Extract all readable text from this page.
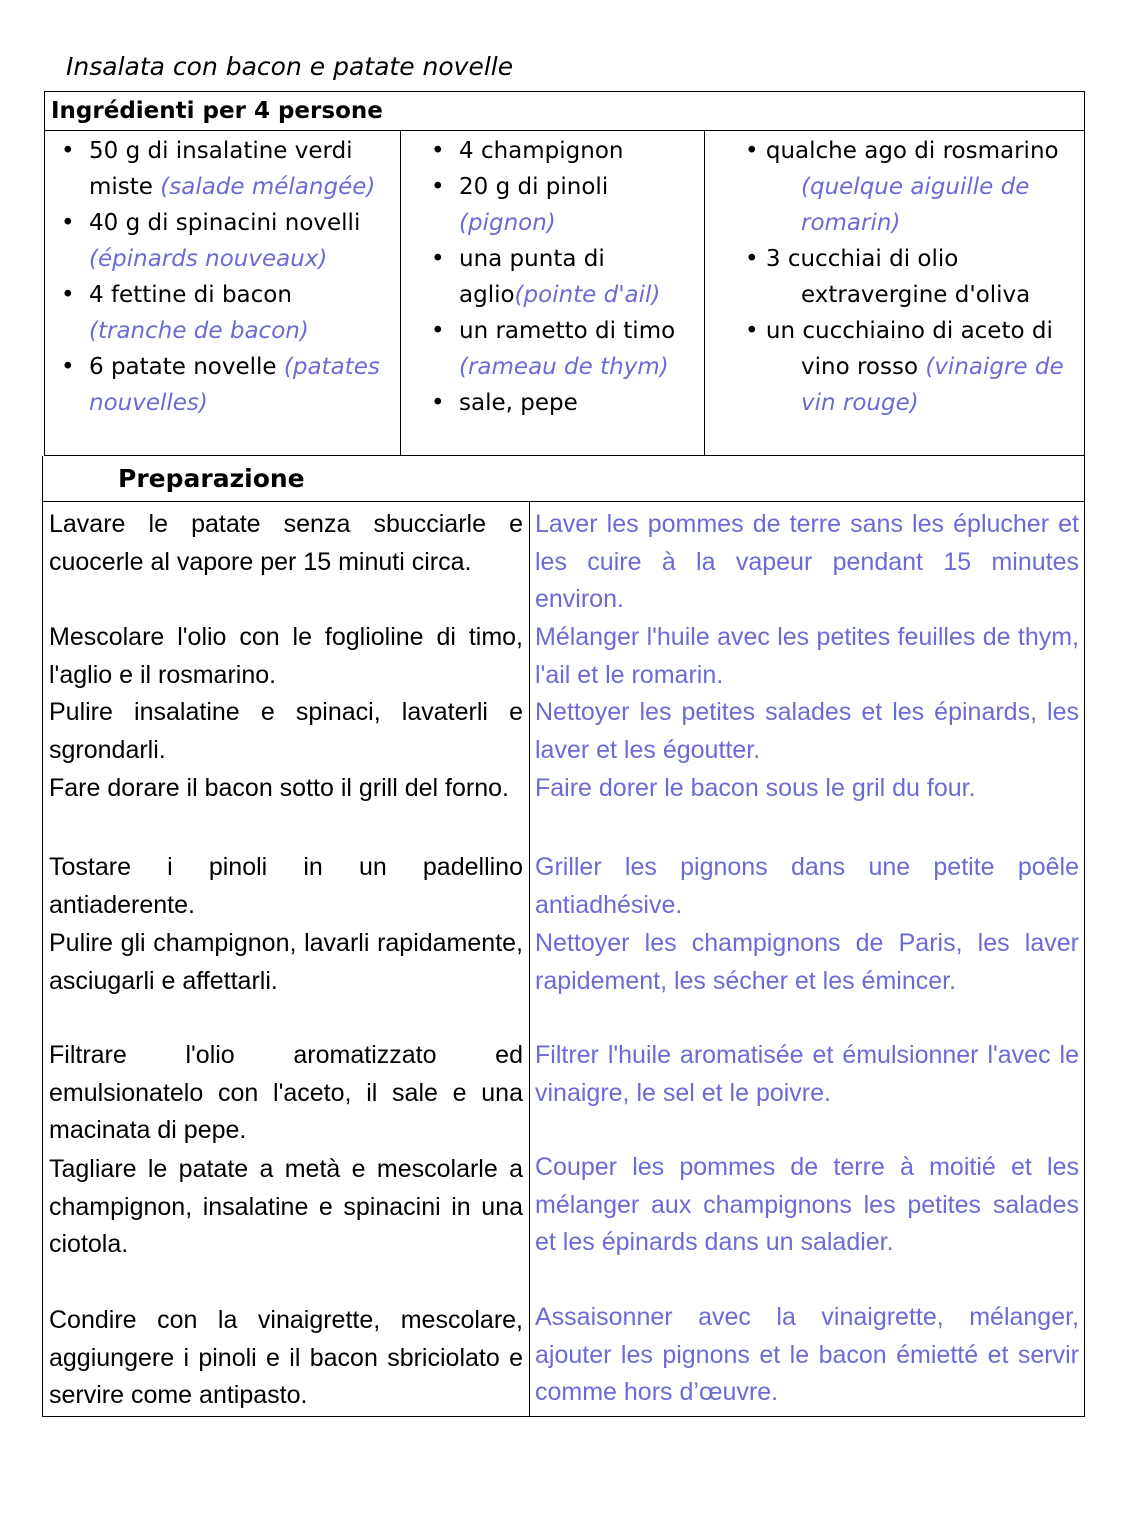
Insalata con bacon e patate novelle
Ingrédienti per 4 persone
• 50 g di insalatine verdi miste (salade mélangée)
• 40 g di spinacini novelli (épinards nouveaux)
• 4 fettine di bacon (tranche de bacon)
• 6 patate novelle (patates nouvelles)
• 4 champignon
• 20 g di pinoli (pignon)
• una punta di aglio(pointe d'ail)
• un rametto di timo (rameau de thym)
• sale, pepe
• qualche ago di rosmarino (quelque aiguille de romarin)
• 3 cucchiai di olio extravergine d'oliva
• un cucchiaino di aceto di vino rosso (vinaigre de vin rouge)
Preparazione
Lavare le patate senza sbucciarle e cuocerle al vapore per 15 minuti circa.
Laver les pommes de terre sans les éplucher et les cuire à la vapeur pendant 15 minutes environ.
Mescolare l'olio con le foglioline di timo, l'aglio e il rosmarino.
Mélanger l'huile avec les petites feuilles de thym, l'ail et le romarin.
Pulire insalatine e spinaci, lavaterli e sgrondarli.
Nettoyer les petites salades et les épinards, les laver et les égoutter.
Fare dorare il bacon sotto il grill del forno.	Faire dorer le bacon sous le gril du four.
Tostare i pinoli in un padellino antiaderente.
Griller les pignons dans une petite poêle antiadhésive.
Pulire gli champignon, lavarli rapidamente, asciugarli e affettarli.
Nettoyer les champignons de Paris, les laver rapidement, les sécher et les émincer.
Filtrare l'olio aromatizzato ed emulsionatelo con l'aceto, il sale e una macinata di pepe.
Filtrer l'huile aromatisée et émulsionner l'avec le vinaigre, le sel et le poivre.
Tagliare le patate a metà e mescolarle a champignon, insalatine e spinacini in una ciotola.
Couper les pommes de terre à moitié et les mélanger aux champignons les petites salades et les épinards dans un saladier.
Condire con la vinaigrette, mescolare, aggiungere i pinoli e il bacon sbriciolato e servire come antipasto.
Assaisonner avec la vinaigrette, mélanger, ajouter les pignons et le bacon émietté et servir comme hors d’œuvre.
